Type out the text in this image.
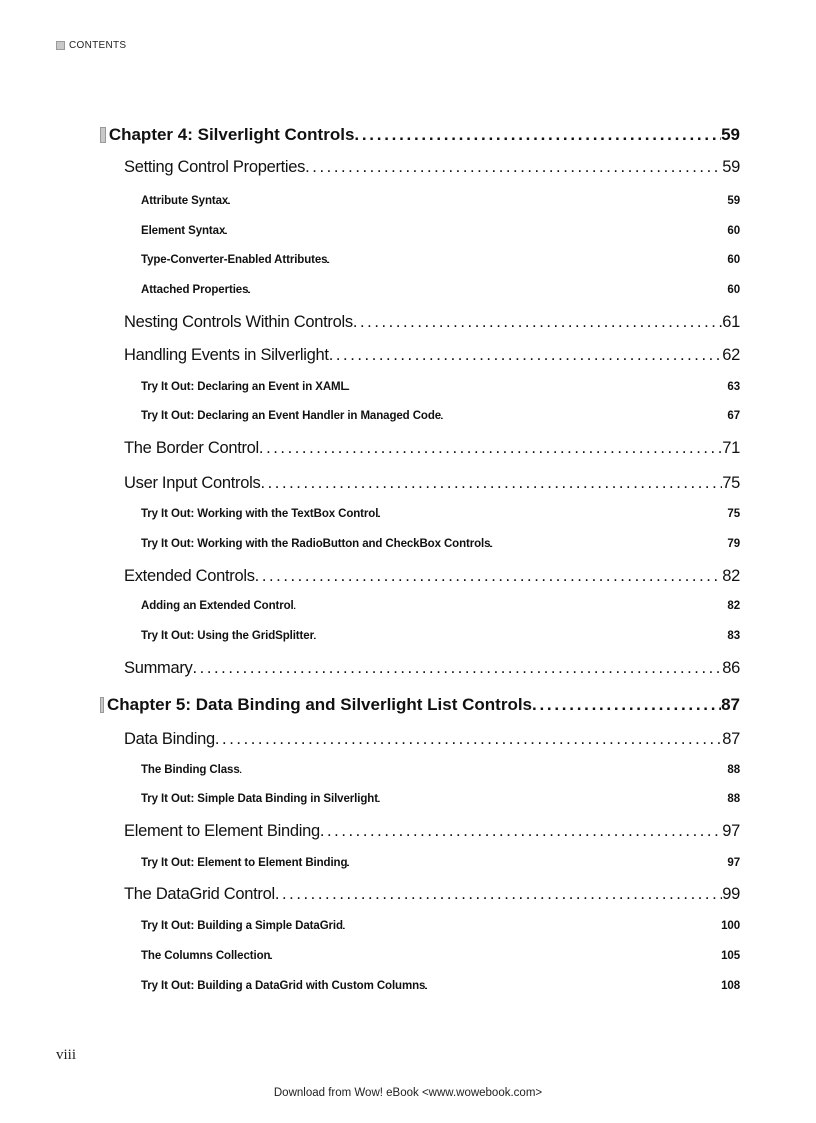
CONTENTS
Chapter 4: Silverlight Controls . . .	59
Setting Control Properties . . .	59
Attribute Syntax . . .	59
Element Syntax . . .	60
Type-Converter-Enabled Attributes . . .	60
Attached Properties . . .	60
Nesting Controls Within Controls . . .	61
Handling Events in Silverlight . . .	62
Try It Out: Declaring an Event in XAML . . .	63
Try It Out: Declaring an Event Handler in Managed Code . . .	67
The Border Control . . .	71
User Input Controls . . .	75
Try It Out: Working with the TextBox Control . . .	75
Try It Out: Working with the RadioButton and CheckBox Controls . . .	79
Extended Controls . . .	82
Adding an Extended Control . . .	82
Try It Out: Using the GridSplitter . . .	83
Summary . . .	86
Chapter 5: Data Binding and Silverlight List Controls . . .	87
Data Binding . . .	87
The Binding Class . . .	88
Try It Out: Simple Data Binding in Silverlight . . .	88
Element to Element Binding . . .	97
Try It Out: Element to Element Binding . . .	97
The DataGrid Control . . .	99
Try It Out: Building a Simple DataGrid . . .	100
The Columns Collection . . .	105
Try It Out: Building a DataGrid with Custom Columns . . .	108
viii
Download from Wow! eBook <www.wowebook.com>
